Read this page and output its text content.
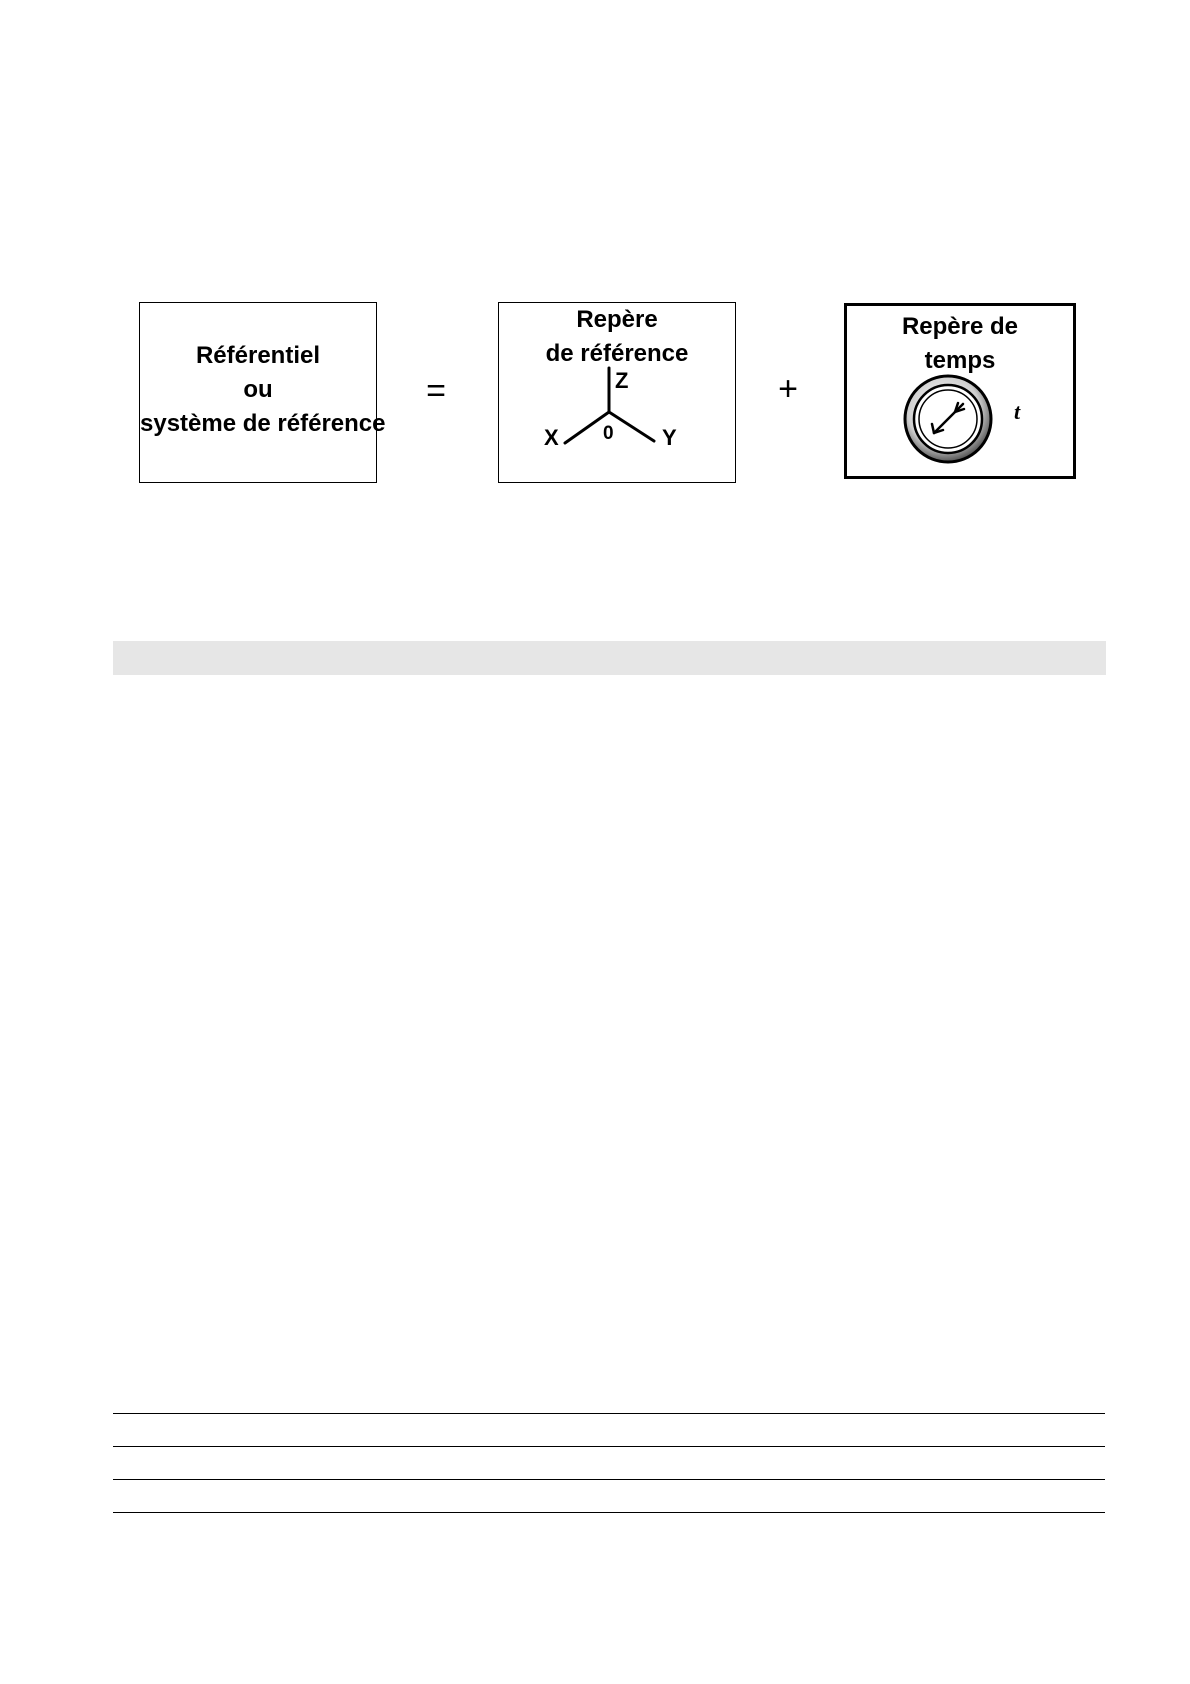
Référentiel
ou
système de référence
=
Repère
de référence
Z
X	Y
0
+
Repère de
temps
t
